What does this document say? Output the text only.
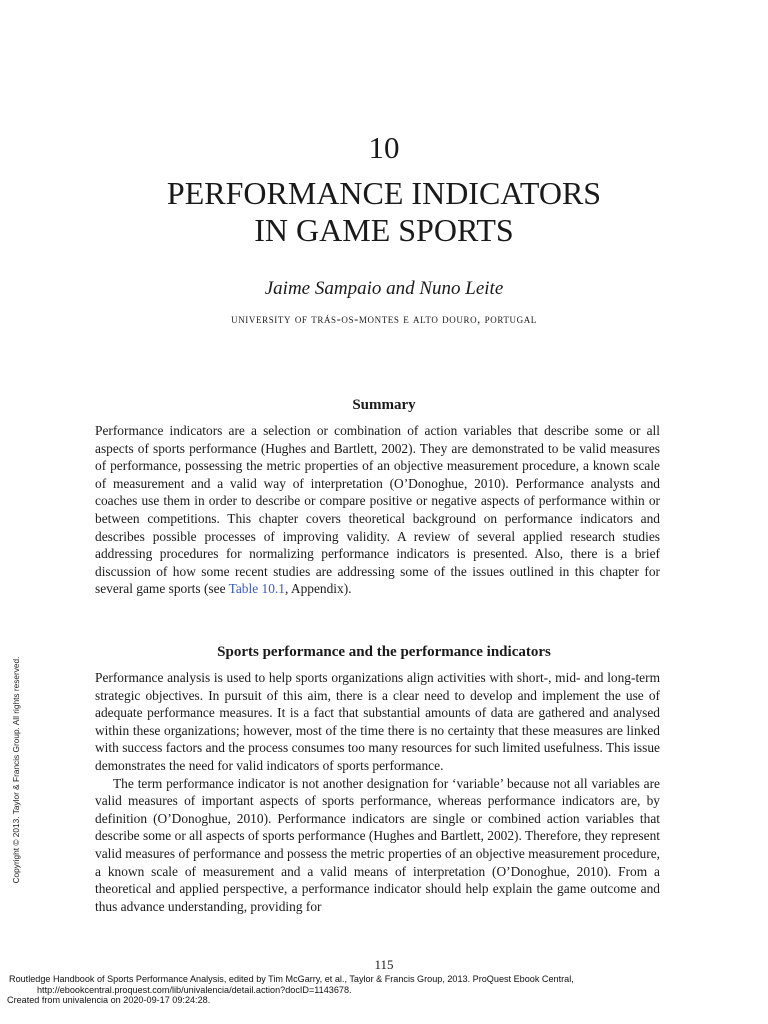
10
PERFORMANCE INDICATORS
IN GAME SPORTS
Jaime Sampaio and Nuno Leite
university of trás-os-montes e alto douro, portugal
Summary

Performance indicators are a selection or combination of action variables that describe some or all aspects of sports performance (Hughes and Bartlett, 2002). They are demonstrated to be valid measures of performance, possessing the metric properties of an objective measurement procedure, a known scale of measurement and a valid way of interpretation (O’Donoghue, 2010). Performance analysts and coaches use them in order to describe or compare positive or negative aspects of performance within or between competitions. This chapter covers theoretical background on performance indicators and describes possible processes of improving validity. A review of several applied research studies addressing procedures for normalizing performance indicators is presented. Also, there is a brief discussion of how some recent studies are addressing some of the issues outlined in this chapter for several game sports (see Table 10.1, Appendix).

Sports performance and the performance indicators

Performance analysis is used to help sports organizations align activities with short-, mid- and long-term strategic objectives. In pursuit of this aim, there is a clear need to develop and implement the use of adequate performance measures. It is a fact that substantial amounts of data are gathered and analysed within these organizations; however, most of the time there is no certainty that these measures are linked with success factors and the process consumes too many resources for such limited usefulness. This issue demonstrates the need for valid indicators of sports performance.

The term performance indicator is not another designation for ‘variable’ because not all variables are valid measures of important aspects of sports performance, whereas performance indicators are, by definition (O’Donoghue, 2010). Performance indicators are single or combined action variables that describe some or all aspects of sports performance (Hughes and Bartlett, 2002). Therefore, they represent valid measures of performance and possess the metric properties of an objective measurement procedure, a known scale of measurement and a valid means of interpretation (O’Donoghue, 2010). From a theoretical and applied perspective, a performance indicator should help explain the game outcome and thus advance understanding, providing for

Copyright © 2013. Taylor & Francis Group. All rights reserved.
115
Routledge Handbook of Sports Performance Analysis, edited by Tim McGarry, et al., Taylor & Francis Group, 2013. ProQuest Ebook Central,
http://ebookcentral.proquest.com/lib/univalencia/detail.action?docID=1143678.
Created from univalencia on 2020-09-17 09:24:28.
